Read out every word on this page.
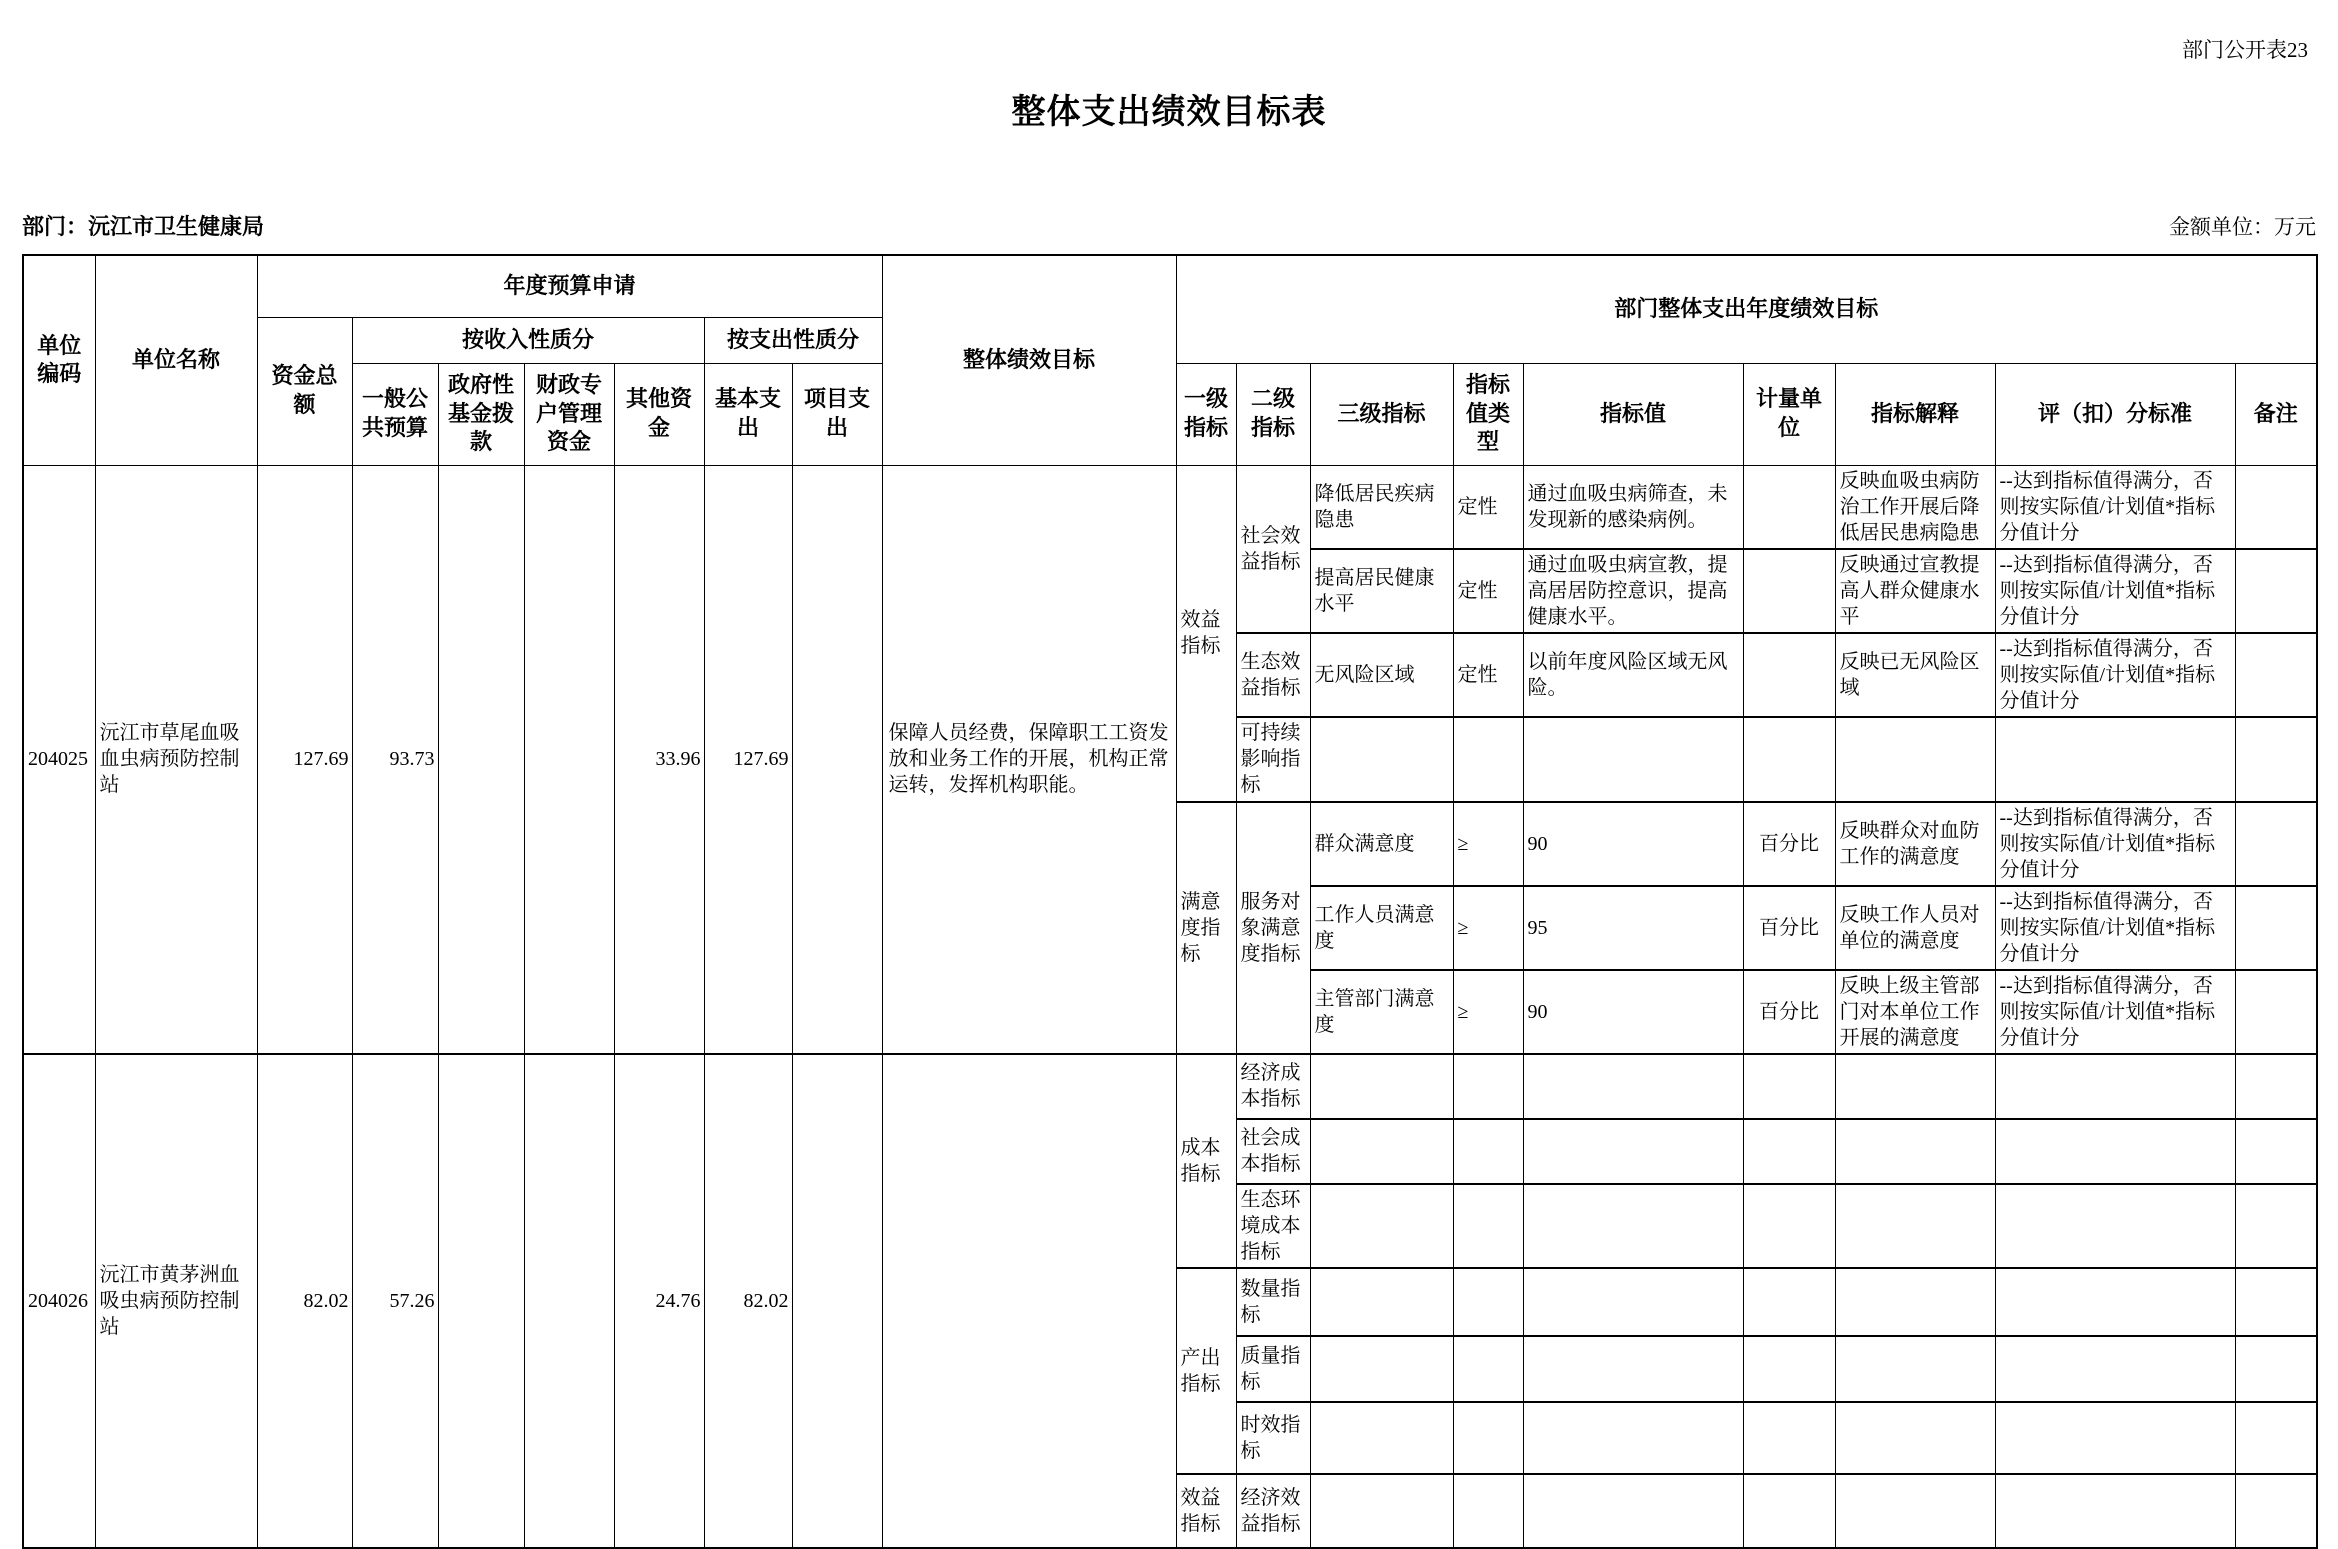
部门公开表23
整体支出绩效目标表
部门：沅江市卫生健康局	金额单位：万元
单位编码	单位名称	年度预算申请							整体绩效目标	部门整体支出年度绩效目标								
		资金总额	按收入性质分				按支出性质分											
			一般公共预算	政府性基金拨款	财政专户管理资金	其他资金	基本支出	项目支出		一级指标	二级指标	三级指标	指标值类型	指标值	计量单位	指标解释	评（扣）分标准	备注
204025	沅江市草尾血吸血虫病预防控制站	127.69	93.73			33.96	127.69		保障人员经费，保障职工工资发放和业务工作的开展，机构正常运转，发挥机构职能。	效益指标	社会效益指标	降低居民疾病隐患	定性	通过血吸虫病筛查，未发现新的感染病例。		反映血吸虫病防治工作开展后降低居民患病隐患	--达到指标值得满分，否则按实际值/计划值*指标分值计分	
												提高居民健康水平	定性	通过血吸虫病宣教，提高居居防控意识，提高健康水平。		反映通过宣教提高人群众健康水平	--达到指标值得满分，否则按实际值/计划值*指标分值计分	
											生态效益指标	无风险区域	定性	以前年度风险区域无风险。		反映已无风险区域	--达到指标值得满分，否则按实际值/计划值*指标分值计分	
											可持续影响指标							
										满意度指标	服务对象满意度指标	群众满意度	≥	90	百分比	反映群众对血防工作的满意度	--达到指标值得满分，否则按实际值/计划值*指标分值计分	
												工作人员满意度	≥	95	百分比	反映工作人员对单位的满意度	--达到指标值得满分，否则按实际值/计划值*指标分值计分	
												主管部门满意度	≥	90	百分比	反映上级主管部门对本单位工作开展的满意度	--达到指标值得满分，否则按实际值/计划值*指标分值计分	
204026	沅江市黄茅洲血吸虫病预防控制站	82.02	57.26			24.76	82.02			成本指标	经济成本指标							
											社会成本指标							
											生态环境成本指标							
										产出指标	数量指标							
											质量指标							
											时效指标							
										效益指标	经济效益指标							
